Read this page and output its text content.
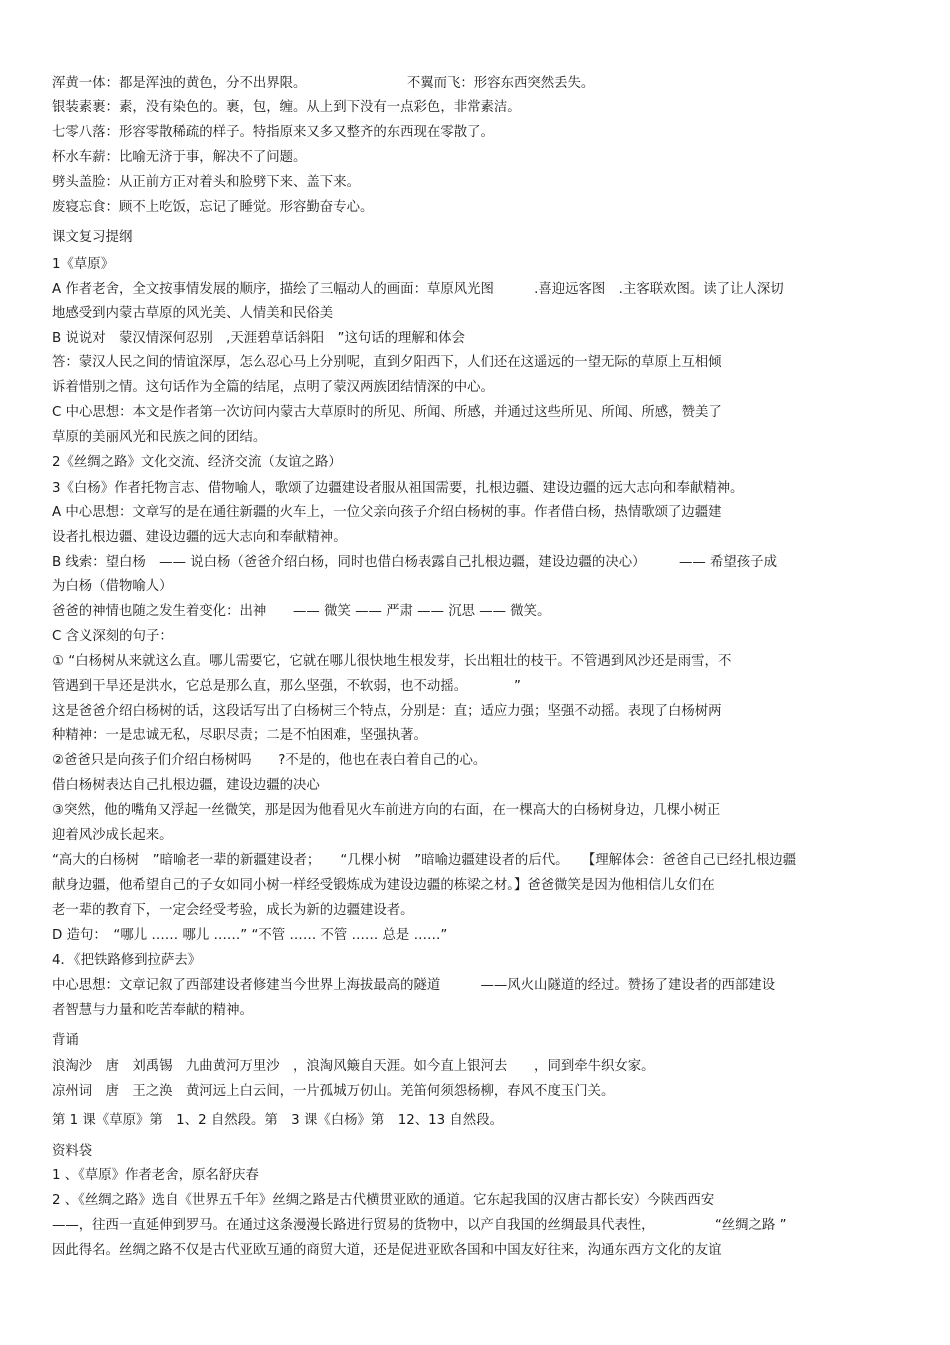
浑黄一体：都是浑浊的黄色，分不出界限。　　　　　　　　不翼而飞：形容东西突然丢失。
银装素裹：素，没有染色的。裹，包，缠。从上到下没有一点彩色，非常素洁。
七零八落：形容零散稀疏的样子。特指原来又多又整齐的东西现在零散了。
杯水车薪：比喻无济于事，解决不了问题。
劈头盖脸：从正前方正对着头和脸劈下来、盖下来。
废寝忘食：顾不上吃饭，忘记了睡觉。形容勤奋专心。
课文复习提纲
1《草原》
A 作者老舍，全文按事情发展的顺序，描绘了三幅动人的画面：草原风光图　　　.喜迎远客图　.主客联欢图。读了让人深切
地感受到内蒙古草原的风光美、人情美和民俗美
B 说说对　蒙汉情深何忍别　,天涯碧草话斜阳　”这句话的理解和体会
答：蒙汉人民之间的情谊深厚，怎么忍心马上分别呢，直到夕阳西下，人们还在这遥远的一望无际的草原上互相倾
诉着惜别之情。这句话作为全篇的结尾，点明了蒙汉两族团结情深的中心。
C 中心思想：本文是作者第一次访问内蒙古大草原时的所见、所闻、所感，并通过这些所见、所闻、所感，赞美了
草原的美丽风光和民族之间的团结。
2《丝绸之路》文化交流、经济交流（友谊之路）
3《白杨》作者托物言志、借物喻人，歌颂了边疆建设者服从祖国需要，扎根边疆、建设边疆的远大志向和奉献精神。
A 中心思想：文章写的是在通往新疆的火车上，一位父亲向孩子介绍白杨树的事。作者借白杨，热情歌颂了边疆建
设者扎根边疆、建设边疆的远大志向和奉献精神。
B 线索：望白杨　—— 说白杨（爸爸介绍白杨，同时也借白杨表露自己扎根边疆，建设边疆的决心）　　　—— 希望孩子成
为白杨（借物喻人）
爸爸的神情也随之发生着变化：出神　　—— 微笑 —— 严肃 —— 沉思 —— 微笑。
C 含义深刻的句子：
① “白杨树从来就这么直。哪儿需要它，它就在哪儿很快地生根发芽，长出粗壮的枝干。不管遇到风沙还是雨雪，不
管遇到干旱还是洪水，它总是那么直，那么坚强，不软弱，也不动摇。　　　　”
这是爸爸介绍白杨树的话，这段话写出了白杨树三个特点，分别是：直；适应力强；坚强不动摇。表现了白杨树两
种精神：一是忠诚无私，尽职尽责；二是不怕困难，坚强执著。
②爸爸只是向孩子们介绍白杨树吗　　?不是的，他也在表白着自己的心。
借白杨树表达自己扎根边疆，建设边疆的决心
③突然，他的嘴角又浮起一丝微笑，那是因为他看见火车前进方向的右面，在一棵高大的白杨树身边，几棵小树正
迎着风沙成长起来。
“高大的白杨树　”暗喻老一辈的新疆建设者；　　“几棵小树　”暗喻边疆建设者的后代。　　【理解体会：爸爸自己已经扎根边疆
献身边疆，他希望自己的子女如同小树一样经受锻炼成为建设边疆的栋梁之材。】爸爸微笑是因为他相信儿女们在
老一辈的教育下，一定会经受考验，成长为新的边疆建设者。
D 造句：　“哪儿 …… 哪儿 ……” “不管 …… 不管 …… 总是 ……”
4．《把铁路修到拉萨去》
中心思想：文章记叙了西部建设者修建当今世界上海拔最高的隧道　　　——风火山隧道的经过。赞扬了建设者的西部建设
者智慧与力量和吃苦奉献的精神。
背诵
浪淘沙　唐　刘禹锡　九曲黄河万里沙　，浪淘风簸自天涯。如今直上银河去　　，同到牵牛织女家。
凉州词　唐　王之涣　黄河远上白云间，一片孤城万仞山。羌笛何须怨杨柳，春风不度玉门关。
第 1 课《草原》第　1、2 自然段。第　3 课《白杨》第　12、13 自然段。
资料袋
1 、《草原》作者老舍，原名舒庆春
2 、《丝绸之路》选自《世界五千年》丝绸之路是古代横贯亚欧的通道。它东起我国的汉唐古都长安）今陕西西安
——，往西一直延伸到罗马。在通过这条漫漫长路进行贸易的货物中，以产自我国的丝绸最具代表性，　　　　　“丝绸之路 ”
因此得名。丝绸之路不仅是古代亚欧互通的商贸大道，还是促进亚欧各国和中国友好往来，沟通东西方文化的友谊
